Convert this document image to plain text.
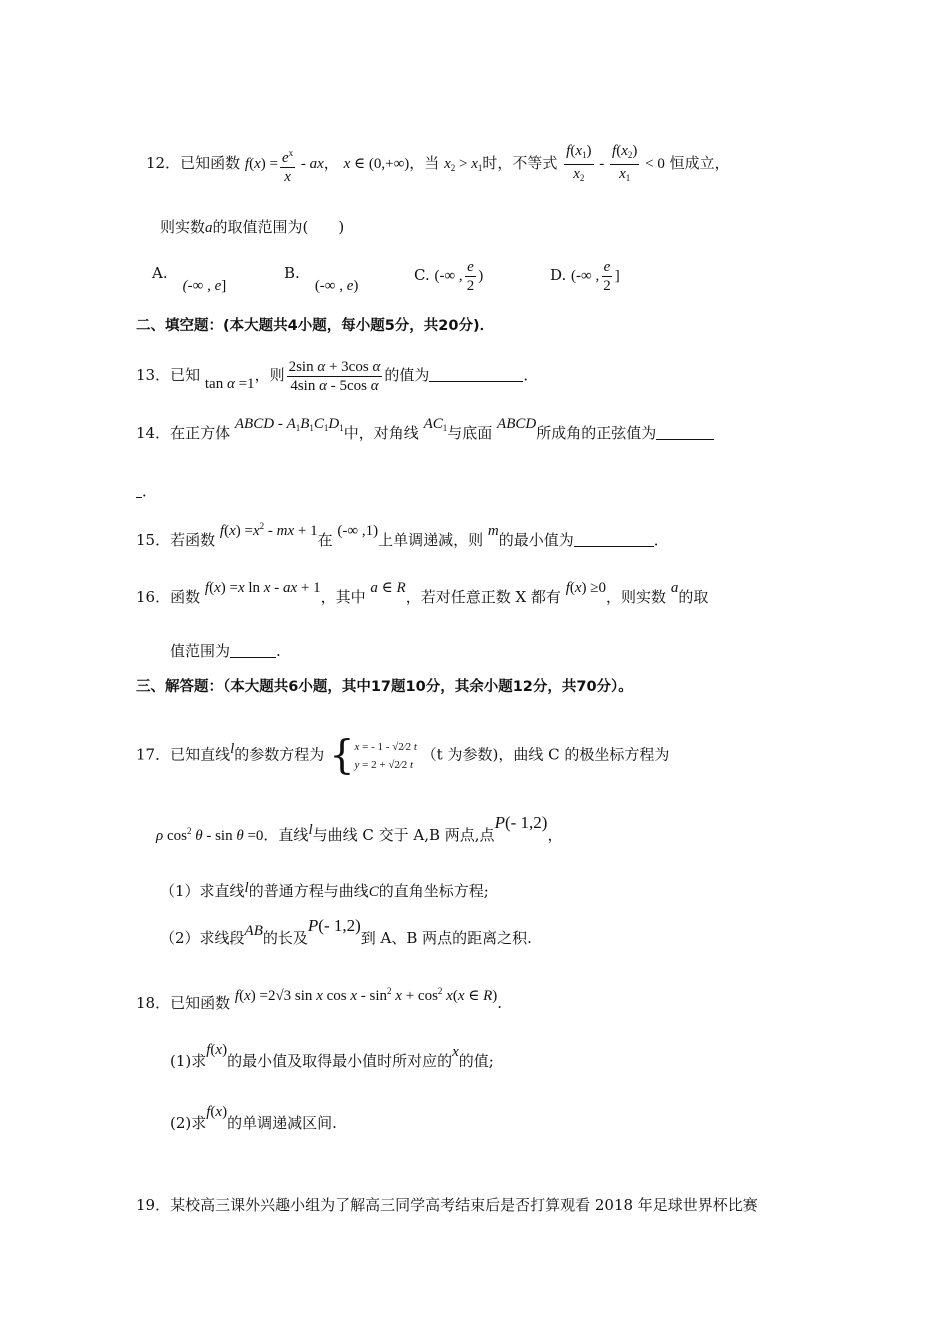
12．已知函数 $f(x) = \frac{e^x}{x}$ - ax， x ∈ (0,+∞)，当 $x_2 > x_1$时，不等式 $\frac{f(x_1)}{x_2} - \frac{f(x_2)}{x_1} < 0$ 恒成立，
则实数a的取值范围为(　　)
A.　(-∞ , e]
B.　(-∞ , e)
C. (-∞ , $\frac{e}{2}$ )	D. (-∞ , $\frac{e}{2}$ ]
二、填空题：(本大题共4小题，每小题5分，共20分)．
13．已知 tan α =1，则 $\frac{\text{2sin α + 3cos α}}{\text{4sin α - 5cos α}}$ 的值为	．
14．在正方体 ABCD - $A_1B_1C_1D_1$中，对角线 $AC_1$与底面 ABCD所成角的正弦值为
．
15．若函数 $f(x) =x^2$ - mx + 1在 (-∞ ,1)上单调递减，则 m的最小值为	．
16．函数 f(x) =x ln x - ax + 1，其中 a ∈ R，若对任意正数 X 都有 f(x) ≥0，则实数 a的取
值范围为	.
三、解答题：（本大题共6小题，其中17题10分，其余小题12分，共70分）。
17．已知直线l的参数方程为 { x = - 1 - √2⁄2 t
y = 2 + √2⁄2 t
（t 为参数)，曲线 C 的极坐标方程为
ρ $\cos^2 \theta - \sin \theta =0$．直线l与曲线 C 交于 A,B 两点,点P(- 1,2)，
（1）求直线l的普通方程与曲线C的直角坐标方程;
（2）求线段AB的长及P(- 1,2)到 A、B 两点的距离之积.
18．已知函数 f(x) =2√3 sin x $\cos x - \sin^2 x + \cos^2 x(x$ ∈ R).
(1)求f(x)的最小值及取得最小值时所对应的x的值;
(2)求f(x)的单调递减区间.
19．某校高三课外兴趣小组为了解高三同学高考结束后是否打算观看 2018 年足球世界杯比赛
